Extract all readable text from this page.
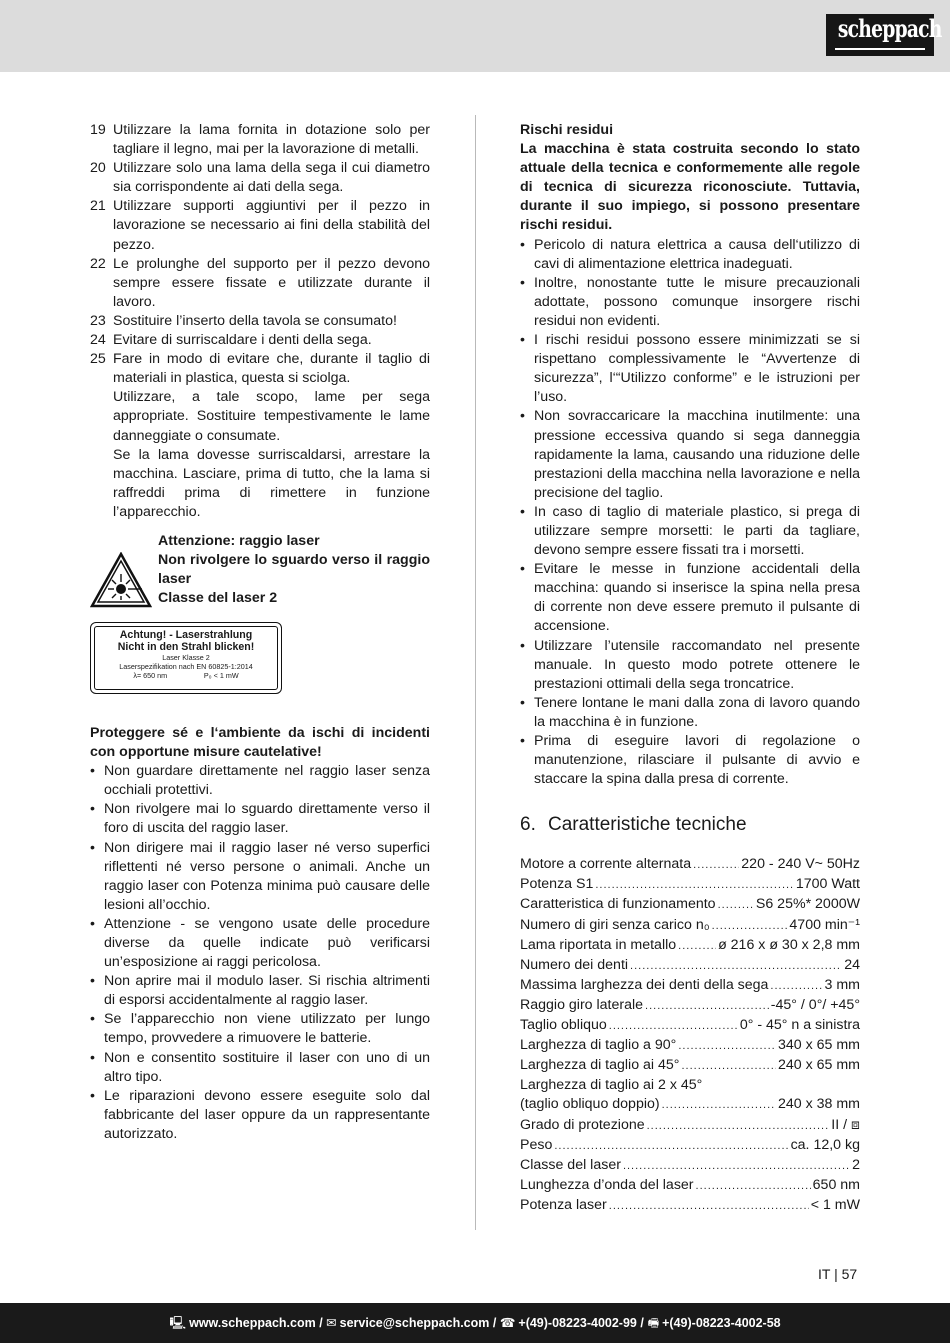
scheppach
19 Utilizzare la lama fornita in dotazione solo per tagliare il legno, mai per la lavorazione di metalli.

20 Utilizzare solo una lama della sega il cui diametro sia corrispondente ai dati della sega.

21 Utilizzare supporti aggiuntivi per il pezzo in lavorazione se necessario ai fini della stabilità del pezzo.

22 Le prolunghe del supporto per il pezzo devono sempre essere fissate e utilizzate durante il lavoro.

23 Sostituire l’inserto della tavola se consumato!

24 Evitare di surriscaldare i denti della sega.

25 Fare in modo di evitare che, durante il taglio di materiali in plastica, questa si sciolga.

Utilizzare, a tale scopo, lame per sega appropriate. Sostituire tempestivamente le lame danneggiate o consumate.

Se la lama dovesse surriscaldarsi, arrestare la macchina. Lasciare, prima di tutto, che la lama si raffreddi prima di rimettere in funzione l’apparecchio.

Attenzione: raggio laser
Non rivolgere lo sguardo verso il raggio laser
Classe del laser 2
Achtung! - Laserstrahlung
Nicht in den Strahl blicken!
Laser Klasse 2
Laserspezifikation nach EN 60825-1:2014
λ= 650 nm	P₀ < 1 mW
Proteggere sé e l‘ambiente da ischi di incidenti con opportune misure cautelative!
• Non guardare direttamente nel raggio laser senza occhiali protettivi.
• Non rivolgere mai lo sguardo direttamente verso il foro di uscita del raggio laser.
• Non dirigere mai il raggio laser né verso superfici riflettenti né verso persone o animali. Anche un raggio laser con Potenza minima può causare delle lesioni all’occhio.
• Attenzione - se vengono usate delle procedure diverse da quelle indicate può verificarsi un’esposizione ai raggi pericolosa.
• Non aprire mai il modulo laser. Si rischia altrimenti di esporsi accidentalmente al raggio laser.
• Se l’apparecchio non viene utilizzato per lungo tempo, provvedere a rimuovere le batterie.
• Non e consentito sostituire il laser con uno di un altro tipo.
• Le riparazioni devono essere eseguite solo dal fabbricante del laser oppure da un rappresentante autorizzato.
Rischi residui
La macchina è stata costruita secondo lo stato attuale della tecnica e conformemente alle regole di tecnica di sicurezza riconosciute. Tuttavia, durante il suo impiego, si possono presentare rischi residui.
• Pericolo di natura elettrica a causa dell‘utilizzo di cavi di alimentazione elettrica inadeguati.
• Inoltre, nonostante tutte le misure precauzionali adottate, possono comunque insorgere rischi residui non evidenti.
• I rischi residui possono essere minimizzati se si rispettano complessivamente le “Avvertenze di sicurezza”, l‘“Utilizzo conforme” e le istruzioni per l’uso.
• Non sovraccaricare la macchina inutilmente: una pressione eccessiva quando si sega danneggia rapidamente la lama, causando una riduzione delle prestazioni della macchina nella lavorazione e nella precisione del taglio.
• In caso di taglio di materiale plastico, si prega di utilizzare sempre morsetti: le parti da tagliare, devono sempre essere fissati tra i morsetti.
• Evitare le messe in funzione accidentali della macchina: quando si inserisce la spina nella presa di corrente non deve essere premuto il pulsante di accensione.
• Utilizzare l’utensile raccomandato nel presente manuale. In questo modo potrete ottenere le prestazioni ottimali della sega troncatrice.
• Tenere lontane le mani dalla zona di lavoro quando la macchina è in funzione.
• Prima di eseguire lavori di regolazione o manutenzione, rilasciare il pulsante di avvio e staccare la spina dalla presa di corrente.
6. Caratteristiche tecniche
Motore a corrente alternata .....	220 - 240 V~ 50Hz
Potenza S1 .....	1700 Watt
Caratteristica di funzionamento .....	S6 25%* 2000W
Numero di giri senza carico n₀ .....	4700 min⁻¹
Lama riportata in metallo .....	ø 216 x ø 30 x 2,8 mm
Numero dei denti .....	24
Massima larghezza dei denti della sega .....	3 mm
Raggio giro laterale .....	-45° / 0°/ +45°
Taglio obliquo .....	0° - 45° n a sinistra
Larghezza di taglio a 90° .....	340 x 65 mm
Larghezza di taglio ai 45° .....	240 x 65 mm
Larghezza di taglio ai 2 x 45°
(taglio obliquo doppio) .....	240 x 38 mm
Grado di protezione .....	II / ⧈
Peso .....	ca. 12,0 kg
Classe del laser .....	2
Lunghezza d’onda del laser .....	650 nm
Potenza laser .....	< 1 mW
IT | 57
🖳 www.scheppach.com / ✉ service@scheppach.com / ☎ +(49)-08223-4002-99 / 🖷 +(49)-08223-4002-58
